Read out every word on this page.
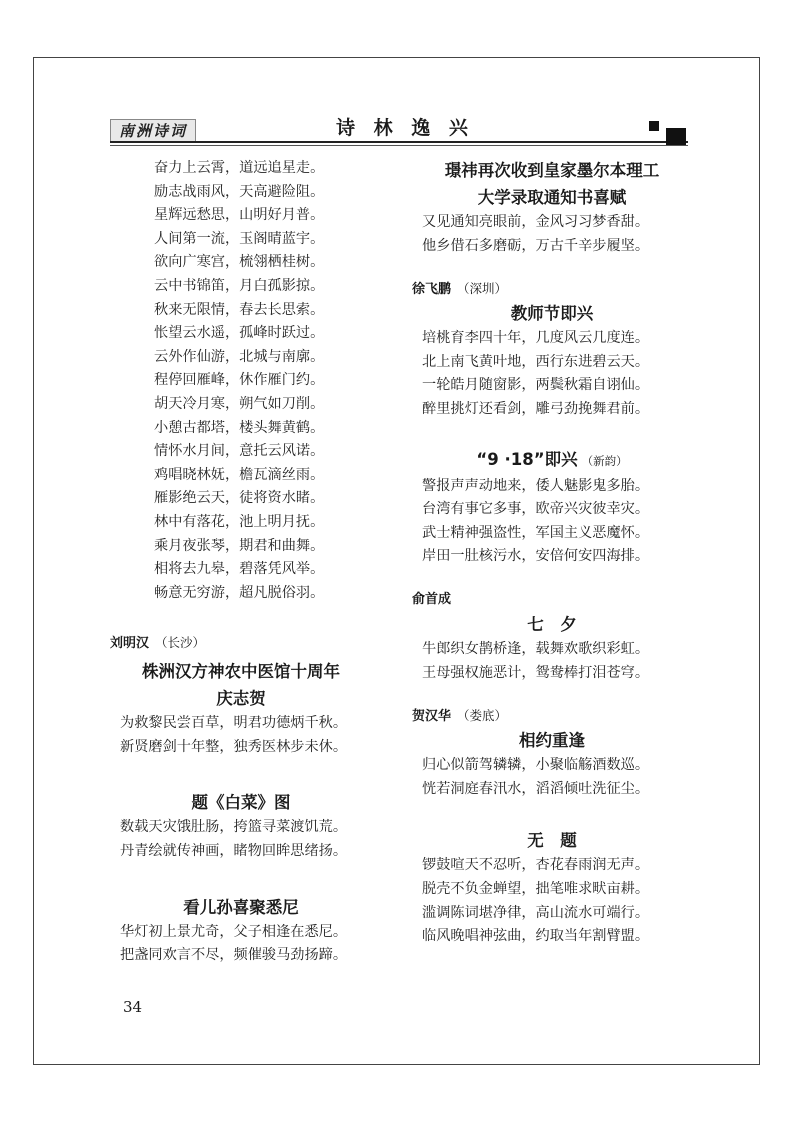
南洲诗词	诗 林 逸 兴
奋力上云霄，道远追星走。
励志战雨风，天高避险阻。
星辉远愁思，山明好月普。
人间第一流，玉阁晴蓝宇。
欲向广寒宫，梳翎栖桂树。
云中书锦笛，月白孤影掠。
秋来无限情，春去长思索。
怅望云水遥，孤峰时跃过。
云外作仙游，北城与南廓。
程停回雁峰，休作雁门约。
胡天冷月寒，朔气如刀削。
小憩古都塔，楼头舞黄鹤。
情怀水月间，意托云风诺。
鸡唱晓林妩，檐瓦滴丝雨。
雁影绝云天，徒将资水睹。
林中有落花，池上明月抚。
乘月夜张琴，期君和曲舞。
相将去九皋，碧落凭风举。
畅意无穷游，超凡脱俗羽。
刘明汉 （长沙）
株洲汉方神农中医馆十周年
庆志贺
为救黎民尝百草，明君功德炳千秋。
新贤磨剑十年整，独秀医林步未休。
题《白菜》图
数载天灾饿肚肠，挎篮寻菜渡饥荒。
丹青绘就传神画，睹物回眸思绪扬。
看儿孙喜聚悉尼
华灯初上景尤奇，父子相逢在悉尼。
把盏同欢言不尽，频催骏马劲扬蹄。
璟祎再次收到皇家墨尔本理工
大学录取通知书喜赋
又见通知亮眼前，金风习习梦香甜。
他乡借石多磨砺，万古千辛步履坚。
徐飞鹏 （深圳）
教师节即兴
培桃育李四十年，几度风云几度连。
北上南飞黄叶地，西行东进碧云天。
一轮皓月随窗影，两鬓秋霜自诩仙。
醉里挑灯还看剑，雕弓劲挽舞君前。
“9 ·18”即兴 （新韵）
警报声声动地来，倭人魅影鬼多胎。
台湾有事它多事，欧帝兴灾彼幸灾。
武士精神强盗性，军国主义恶魔怀。
岸田一肚核污水，安倍何安四海排。
俞首成
七　夕
牛郎织女鹊桥逢，载舞欢歌织彩虹。
王母强权施恶计，鸳鸯棒打泪苍穹。
贺汉华 （娄底）
相约重逢
归心似箭驾辚辚，小聚临觞酒数巡。
恍若洞庭春汛水，滔滔倾吐洗征尘。
无　题
锣鼓喧天不忍听，杏花春雨润无声。
脱壳不负金蝉望，拙笔唯求畎亩耕。
滥调陈词堪净律，高山流水可端行。
临风晚唱神弦曲，约取当年割臂盟。
34
